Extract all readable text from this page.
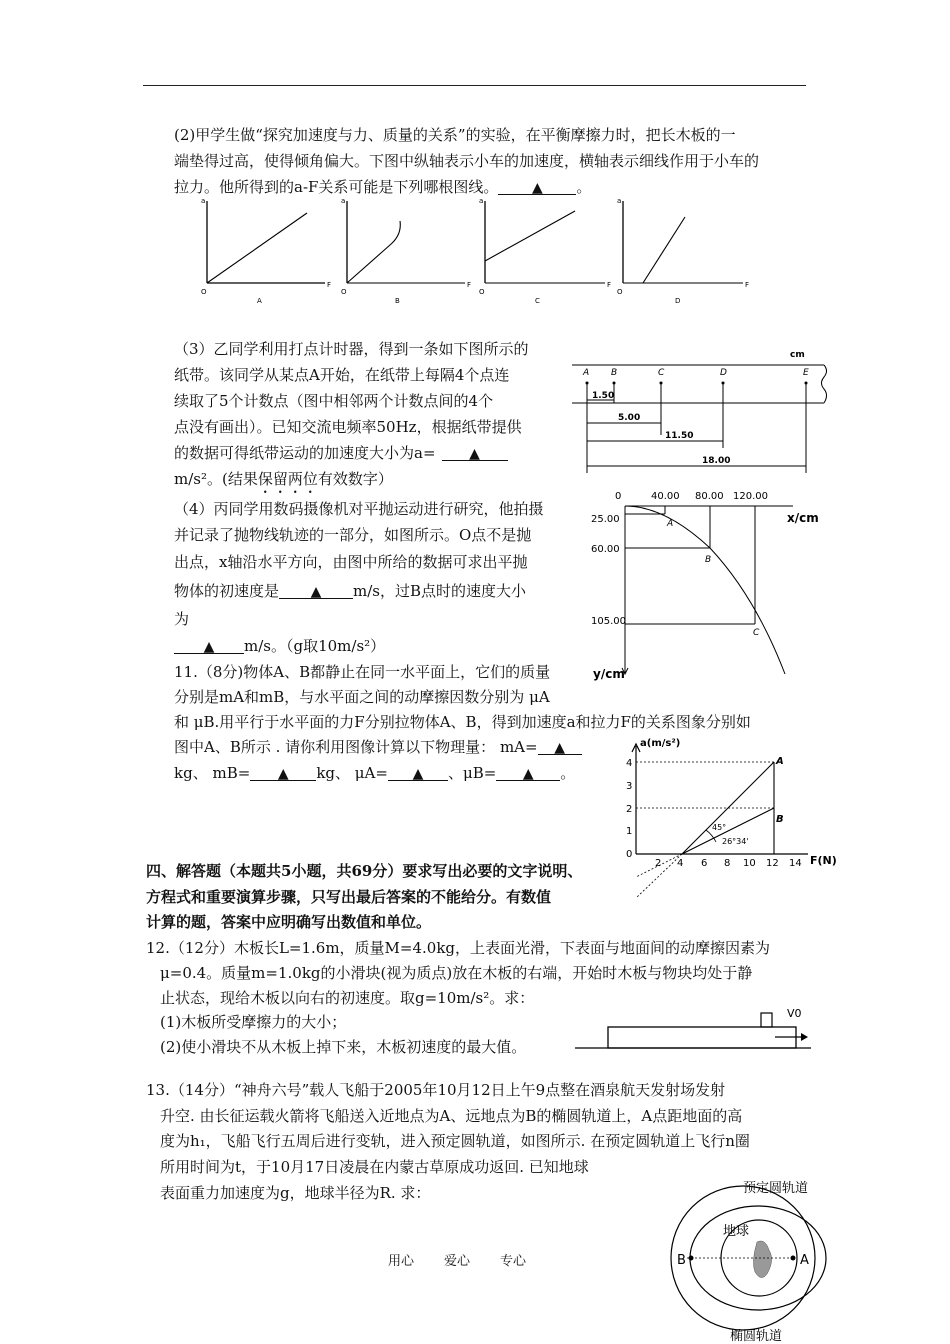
(2)甲学生做“探究加速度与力、质量的关系”的实验，在平衡摩擦力时，把长木板的一
端垫得过高，使得倾角偏大。下图中纵轴表示小车的加速度，横轴表示细线作用于小车的
拉力。他所得到的a-F关系可能是下列哪根图线。 ▲ 。
a
F
O
A
a
F
O
B
a
F
O
C
a
F
O
D
（3）乙同学利用打点计时器，得到一条如下图所示的
纸带。该同学从某点A开始，在纸带上每隔4个点连
续取了5个计数点（图中相邻两个计数点间的4个
点没有画出）。已知交流电频率50Hz，根据纸带提供
的数据可得纸带运动的加速度大小为a= ▲
m/s²。(结果保留两位有效数字）
cm
A B	C	D	E
1.50
5.00
11.50
18.00
（4）丙同学用数码摄像机对平抛运动进行研究，他拍摄
并记录了抛物线轨迹的一部分，如图所示。O点不是抛
出点，x轴沿水平方向，由图中所给的数据可求出平抛
物体的初速度是 ▲ m/s，过B点时的速度大小
为
▲ m/s。（g取10m/s²）
0	40.00 80.00 120.00
25.00
60.00
105.00
x/cm
y/cm
A
B
C
11.（8分)物体A、B都静止在同一水平面上，它们的质量
分别是mA和mB，与水平面之间的动摩擦因数分别为 μA
和 μB.用平行于水平面的力F分别拉物体A、B，得到加速度a和拉力F的关系图象分别如
图中A、B所示 . 请你利用图像计算以下物理量： mA= ▲
kg、 mB= ▲ kg、 μA= ▲ 、μB= ▲ 。
a(m/s²)
F(N)
4
3
2
1
0
2 4 6 8 10 12 14
A
B
45°
26°34'
四、解答题（本题共5小题，共69分）要求写出必要的文字说明、
方程式和重要演算步骤，只写出最后答案的不能给分。有数值
计算的题，答案中应明确写出数值和单位。
12.（12分）木板长L=1.6m，质量M=4.0kg，上表面光滑，下表面与地面间的动摩擦因素为
μ=0.4。质量m=1.0kg的小滑块(视为质点)放在木板的右端，开始时木板与物块均处于静
止状态，现给木板以向右的初速度。取g=10m/s²。求：
(1)木板所受摩擦力的大小；
(2)使小滑块不从木板上掉下来，木板初速度的最大值。
V0
13.（14分）“神舟六号”载人飞船于2005年10月12日上午9点整在酒泉航天发射场发射
升空. 由长征运载火箭将飞船送入近地点为A、远地点为B的椭圆轨道上，A点距地面的高
度为h₁，飞船飞行五周后进行变轨，进入预定圆轨道，如图所示. 在预定圆轨道上飞行n圈
所用时间为t，于10月17日凌晨在内蒙古草原成功返回. 已知地球
表面重力加速度为g，地球半径为R. 求：	预定圆轨道
地球
椭圆轨道
B	A
用心 爱心 专心
